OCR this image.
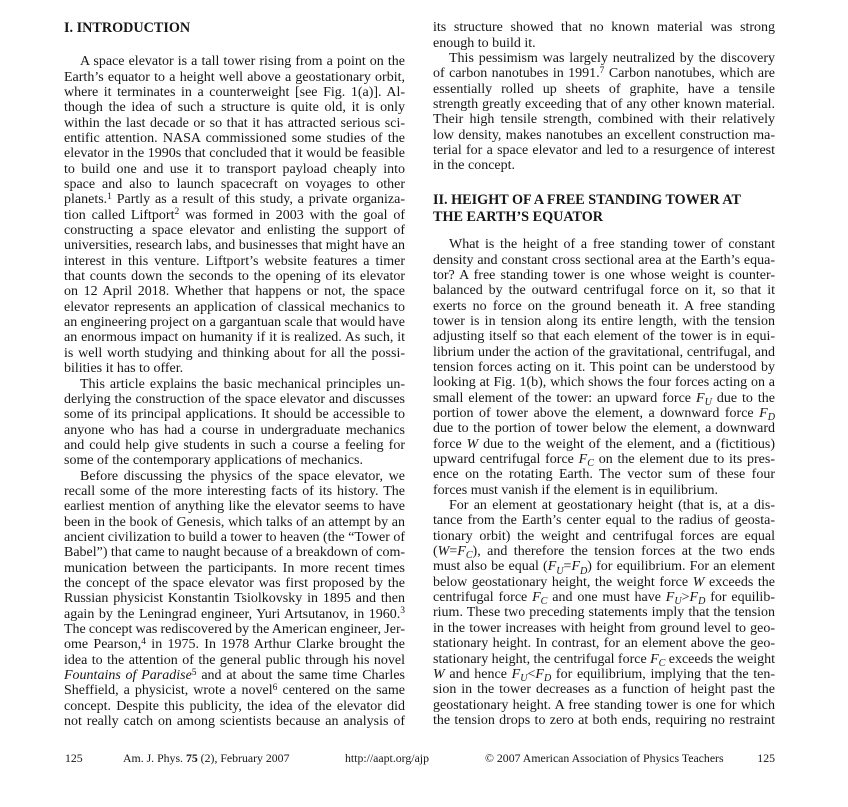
I. INTRODUCTION
A space elevator is a tall tower rising from a point on the
Earth’s equator to a height well above a geostationary orbit,
where it terminates in a counterweight [see Fig. 1(a)]. Al-
though the idea of such a structure is quite old, it is only
within the last decade or so that it has attracted serious sci-
entific attention. NASA commissioned some studies of the
elevator in the 1990s that concluded that it would be feasible
to build one and use it to transport payload cheaply into
space and also to launch spacecraft on voyages to other
planets.$^1$ Partly as a result of this study, a private organiza-
tion called Liftport$^2$ was formed in 2003 with the goal of
constructing a space elevator and enlisting the support of
universities, research labs, and businesses that might have an
interest in this venture. Liftport’s website features a timer
that counts down the seconds to the opening of its elevator
on 12 April 2018. Whether that happens or not, the space
elevator represents an application of classical mechanics to
an engineering project on a gargantuan scale that would have
an enormous impact on humanity if it is realized. As such, it
is well worth studying and thinking about for all the possi-
bilities it has to offer.
This article explains the basic mechanical principles un-
derlying the construction of the space elevator and discusses
some of its principal applications. It should be accessible to
anyone who has had a course in undergraduate mechanics
and could help give students in such a course a feeling for
some of the contemporary applications of mechanics.
Before discussing the physics of the space elevator, we
recall some of the more interesting facts of its history. The
earliest mention of anything like the elevator seems to have
been in the book of Genesis, which talks of an attempt by an
ancient civilization to build a tower to heaven (the “Tower of
Babel”) that came to naught because of a breakdown of com-
munication between the participants. In more recent times
the concept of the space elevator was first proposed by the
Russian physicist Konstantin Tsiolkovsky in 1895 and then
again by the Leningrad engineer, Yuri Artsutanov, in 1960.$^3$
The concept was rediscovered by the American engineer, Jer-
ome Pearson,$^4$ in 1975. In 1978 Arthur Clarke brought the
idea to the attention of the general public through his novel
Fountains of Paradise$^5$ and at about the same time Charles
Sheffield, a physicist, wrote a novel$^6$ centered on the same
concept. Despite this publicity, the idea of the elevator did
not really catch on among scientists because an analysis of
its structure showed that no known material was strong
enough to build it.
This pessimism was largely neutralized by the discovery
of carbon nanotubes in 1991.$^7$ Carbon nanotubes, which are
essentially rolled up sheets of graphite, have a tensile
strength greatly exceeding that of any other known material.
Their high tensile strength, combined with their relatively
low density, makes nanotubes an excellent construction ma-
terial for a space elevator and led to a resurgence of interest
in the concept.
II. HEIGHT OF A FREE STANDING TOWER AT
THE EARTH’S EQUATOR
What is the height of a free standing tower of constant
density and constant cross sectional area at the Earth’s equa-
tor? A free standing tower is one whose weight is counter-
balanced by the outward centrifugal force on it, so that it
exerts no force on the ground beneath it. A free standing
tower is in tension along its entire length, with the tension
adjusting itself so that each element of the tower is in equi-
librium under the action of the gravitational, centrifugal, and
tension forces acting on it. This point can be understood by
looking at Fig. 1(b), which shows the four forces acting on a
small element of the tower: an upward force $F_U$ due to the
portion of tower above the element, a downward force $F_D$
due to the portion of tower below the element, a downward
force W due to the weight of the element, and a (fictitious)
upward centrifugal force $F_C$ on the element due to its pres-
ence on the rotating Earth. The vector sum of these four
forces must vanish if the element is in equilibrium.
For an element at geostationary height (that is, at a dis-
tance from the Earth’s center equal to the radius of geosta-
tionary orbit) the weight and centrifugal forces are equal
$(W=F_C)$, and therefore the tension forces at the two ends
must also be equal $(F_U=F_D)$ for equilibrium. For an element
below geostationary height, the weight force W exceeds the
centrifugal force $F_C$ and one must have $F_U>F_D$ for equilib-
rium. These two preceding statements imply that the tension
in the tower increases with height from ground level to geo-
stationary height. In contrast, for an element above the geo-
stationary height, the centrifugal force $F_C$ exceeds the weight
W and hence $F_U<F_D$ for equilibrium, implying that the ten-
sion in the tower decreases as a function of height past the
geostationary height. A free standing tower is one for which
the tension drops to zero at both ends, requiring no restraint
125	Am. J. Phys. 75 (2), February 2007	http://aapt.org/ajp	© 2007 American Association of Physics Teachers	125
